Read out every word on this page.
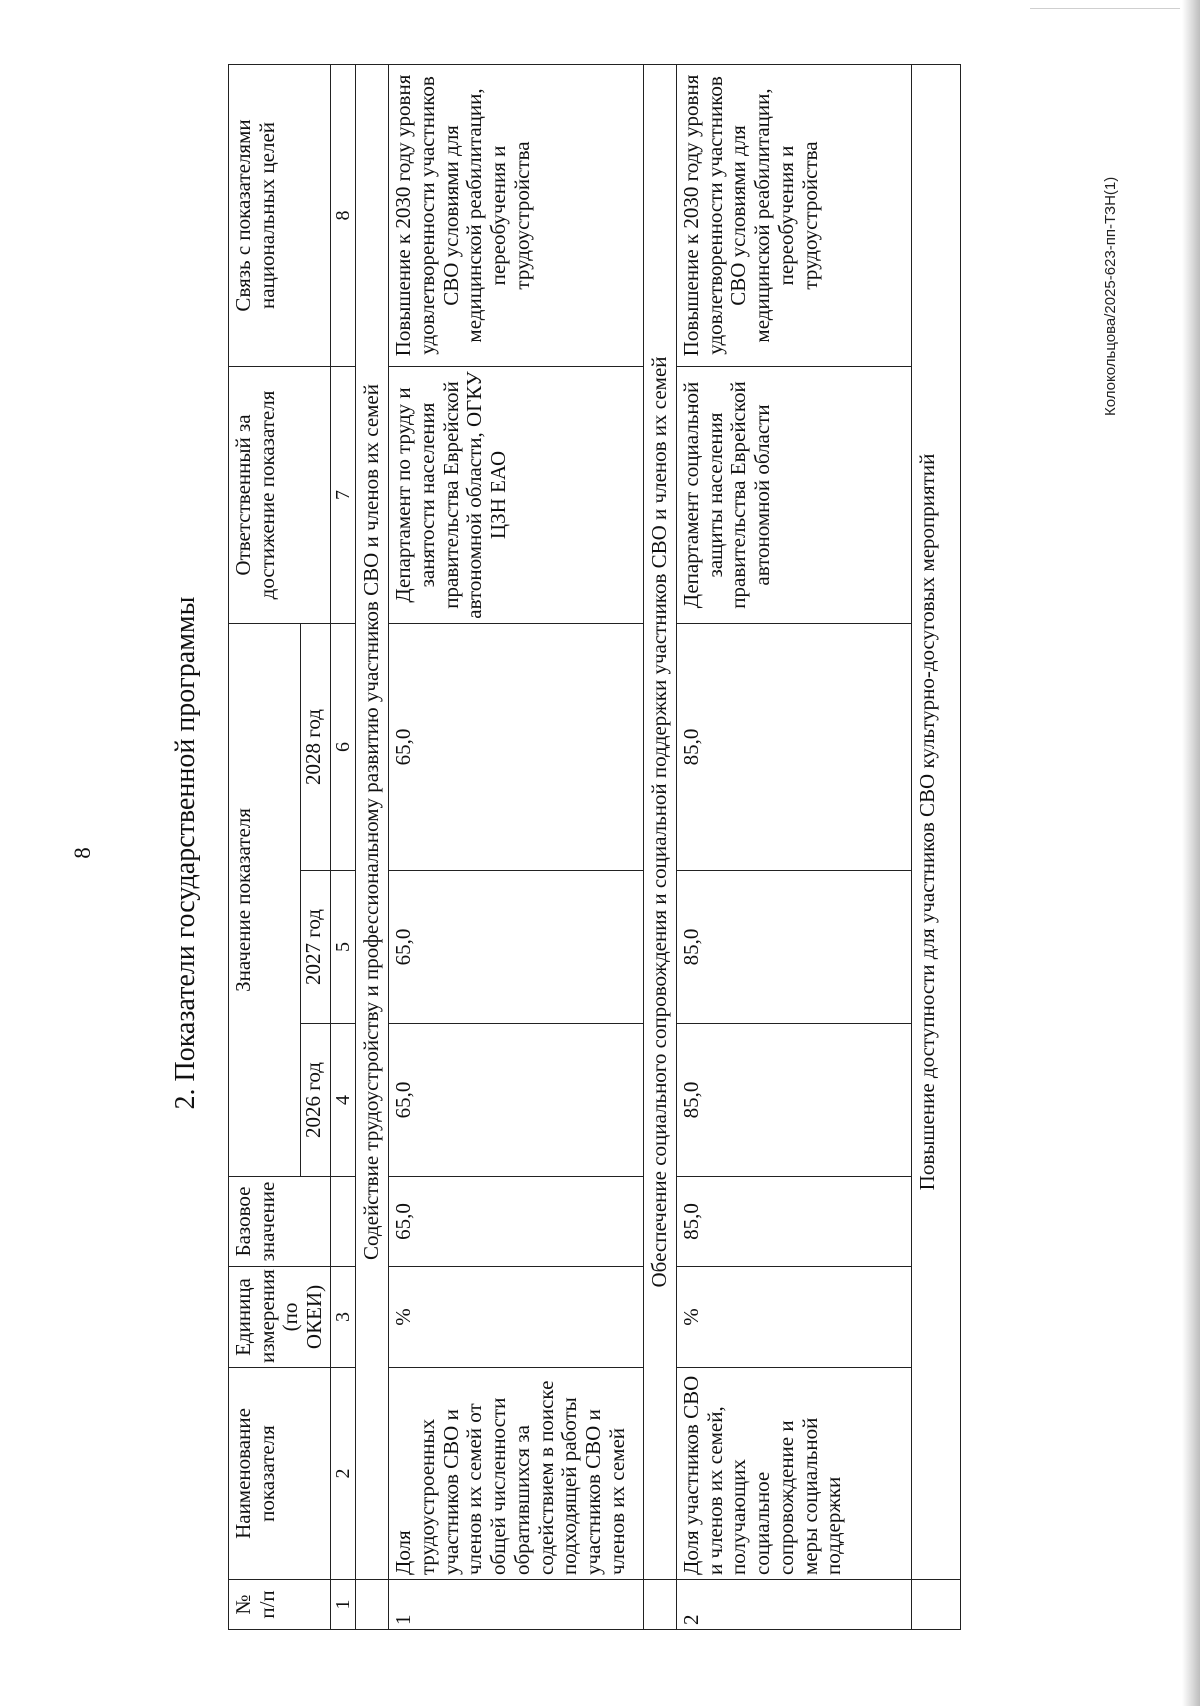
8	2. Показатели государственной программы
№ п/п	Наименование показателя	Единица измерения (по ОКЕИ)	Базовое значение	Значение показателя			Ответственный за достижение показателя	Связь с показателями национальных целей
				2026 год	2027 год	2028 год		
1	2	3		4	5	6	7	8
	Содействие трудоустройству и профессиональному развитию участников СВО и членов их семей							
1	Доля трудоустроенных участников СВО и членов их семей от общей численности обратившихся за содействием в поиске подходящей работы участников СВО и членов их семей	%	65,0	65,0	65,0	65,0	Департамент по труду и занятости населения правительства Еврейской автономной области, ОГКУ ЦЗН ЕАО	Повышение к 2030 году уровня удовлетворенности участников СВО условиями для медицинской реабилитации, переобучения и трудоустройства
	Обеспечение социального сопровождения и социальной поддержки участников СВО и членов их семей							
2	Доля участников СВО и членов их семей, получающих социальное сопровождение и меры социальной поддержки	%	85,0	85,0	85,0	85,0	Департамент социальной защиты населения правительства Еврейской автономной области	Повышение к 2030 году уровня удовлетворенности участников СВО условиями для медицинской реабилитации, переобучения и трудоустройства
	Повышение доступности для участников СВО культурно-досуговых мероприятий							
Колокольцова/2025-623-пп-ТЗН(1)
